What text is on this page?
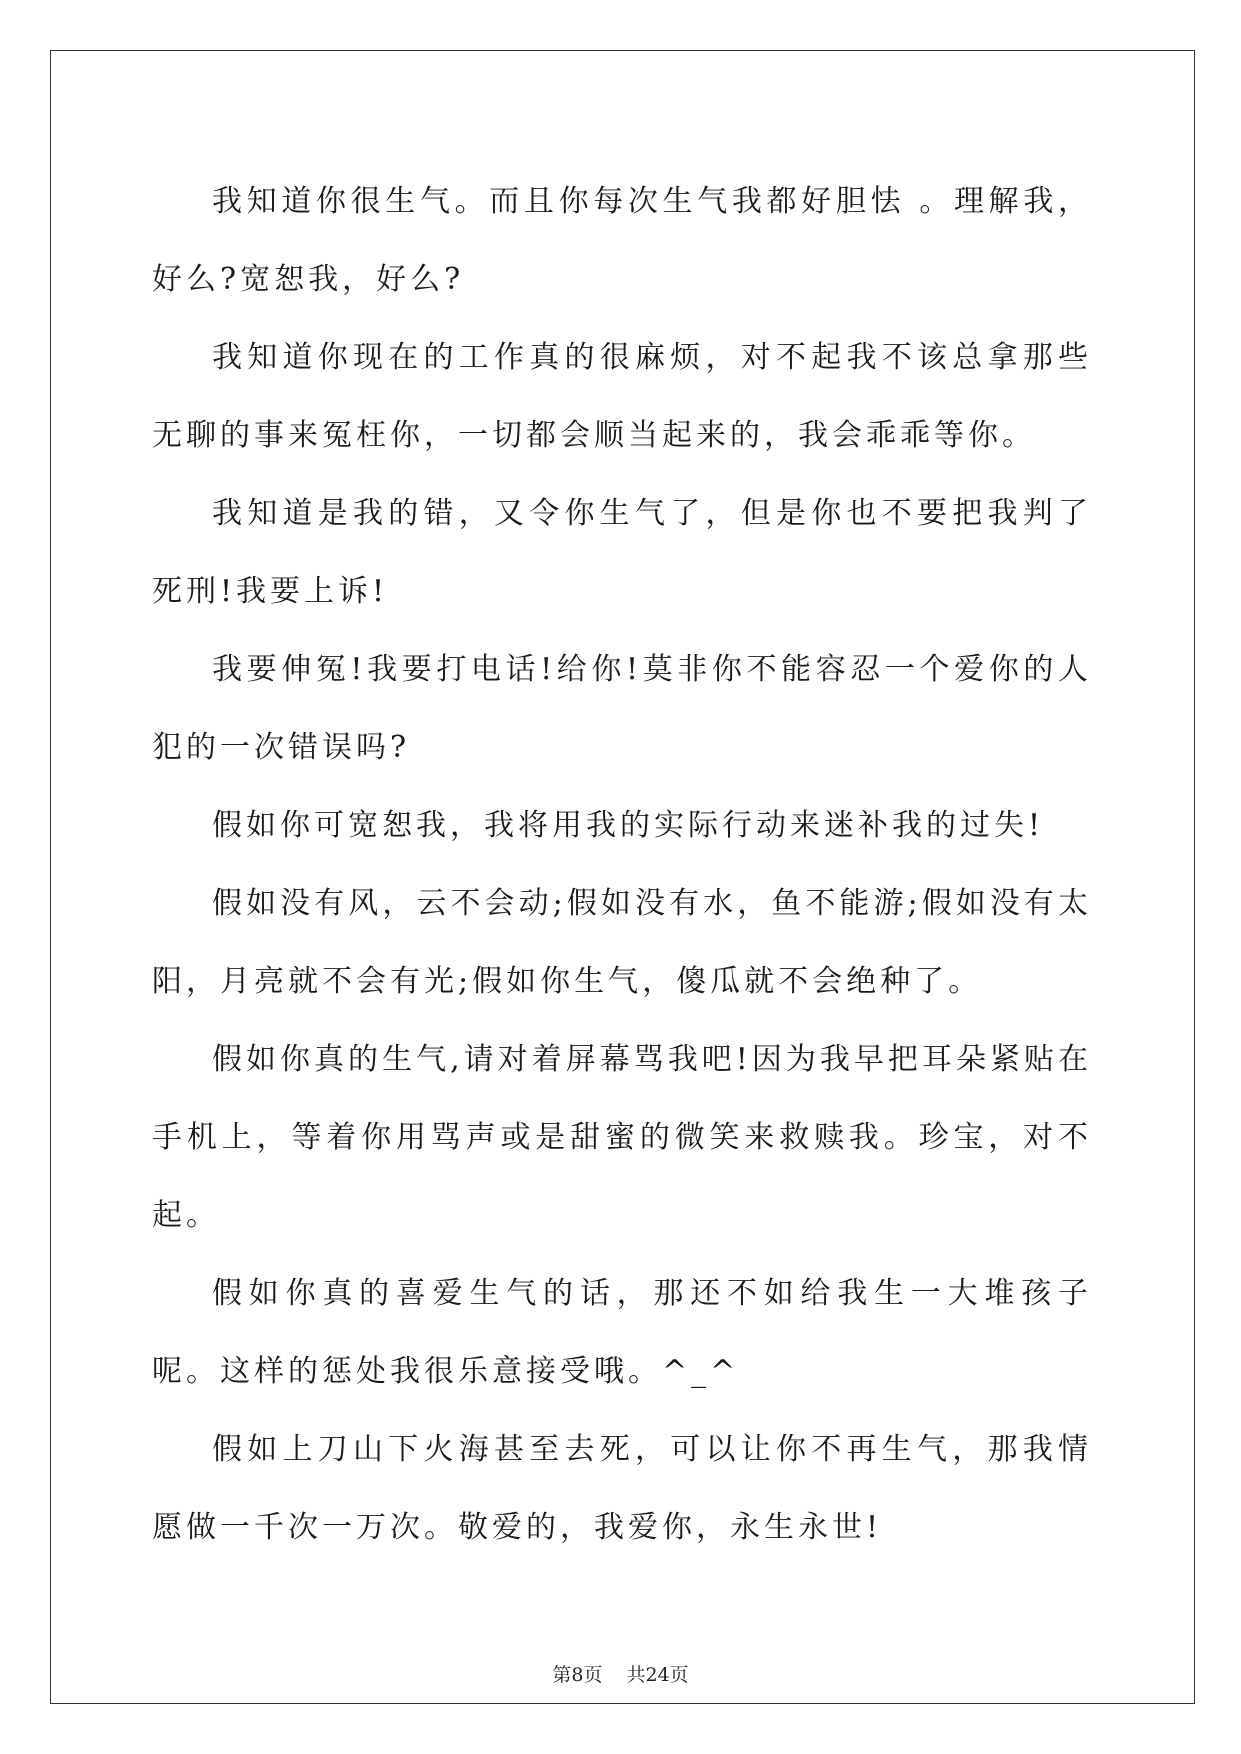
我知道你很生气。而且你每次生气我都好胆怯 。理解我，好么?宽恕我，好么?

我知道你现在的工作真的很麻烦，对不起我不该总拿那些无聊的事来冤枉你，一切都会顺当起来的，我会乖乖等你。

我知道是我的错，又令你生气了，但是你也不要把我判了死刑!我要上诉!

我要伸冤!我要打电话!给你!莫非你不能容忍一个爱你的人犯的一次错误吗?

假如你可宽恕我，我将用我的实际行动来迷补我的过失!

假如没有风，云不会动;假如没有水，鱼不能游;假如没有太阳，月亮就不会有光;假如你生气，傻瓜就不会绝种了。

假如你真的生气,请对着屏幕骂我吧!因为我早把耳朵紧贴在手机上，等着你用骂声或是甜蜜的微笑来救赎我。珍宝，对不起。

假如你真的喜爱生气的话，那还不如给我生一大堆孩子呢。这样的惩处我很乐意接受哦。^_^

假如上刀山下火海甚至去死，可以让你不再生气，那我情愿做一千次一万次。敬爱的，我爱你，永生永世!

第8页 共24页
